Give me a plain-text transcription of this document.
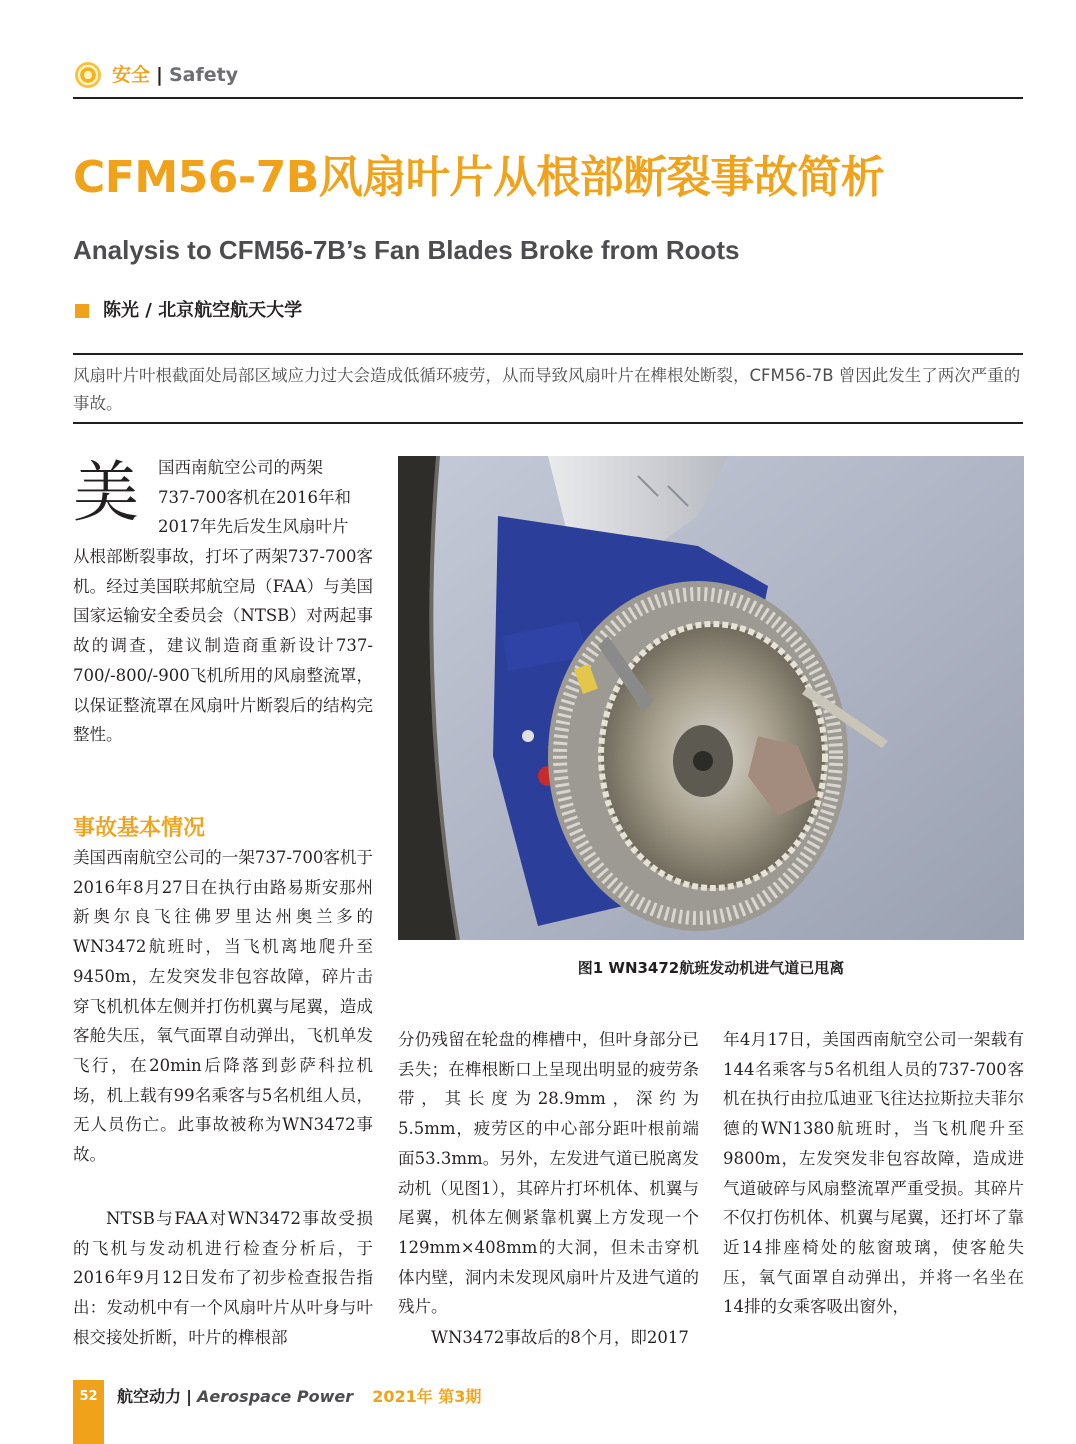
安全 | Safety
CFM56-7B风扇叶片从根部断裂事故简析
Analysis to CFM56-7B’s Fan Blades Broke from Roots
陈光 / 北京航空航天大学
风扇叶片叶根截面处局部区域应力过大会造成低循环疲劳，从而导致风扇叶片在榫根处断裂，CFM56-7B 曾因此发生了两次严重的事故。
美 国西南航空公司的两架
737-700客机在2016年和
2017年先后发生风扇叶片
从根部断裂事故，打坏了两架737-700客机。经过美国联邦航空局（FAA）与美国国家运输安全委员会（NTSB）对两起事故的调查，建议制造商重新设计737-700/-800/-900飞机所用的风扇整流罩，以保证整流罩在风扇叶片断裂后的结构完整性。
事故基本情况
美国西南航空公司的一架737-700客机于2016年8月27日在执行由路易斯安那州新奥尔良飞往佛罗里达州奥兰多的WN3472航班时，当飞机离地爬升至9450m，左发突发非包容故障，碎片击穿飞机机体左侧并打伤机翼与尾翼，造成客舱失压，氧气面罩自动弹出，飞机单发飞行，在20min后降落到彭萨科拉机场，机上载有99名乘客与5名机组人员，无人员伤亡。此事故被称为WN3472事故。
NTSB与FAA对WN3472事故受损的飞机与发动机进行检查分析后，于2016年9月12日发布了初步检查报告指出：发动机中有一个风扇叶片从叶身与叶根交接处折断，叶片的榫根部
图1 WN3472航班发动机进气道已甩离
分仍残留在轮盘的榫槽中，但叶身部分已丢失；在榫根断口上呈现出明显的疲劳条带，其长度为28.9mm，深约为5.5mm，疲劳区的中心部分距叶根前端面53.3mm。另外，左发进气道已脱离发动机（见图1），其碎片打坏机体、机翼与尾翼，机体左侧紧靠机翼上方发现一个129mm×408mm的大洞，但未击穿机体内壁，洞内未发现风扇叶片及进气道的残片。
WN3472事故后的8个月，即2017
年4月17日，美国西南航空公司一架载有144名乘客与5名机组人员的737-700客机在执行由拉瓜迪亚飞往达拉斯拉夫菲尔德的WN1380航班时，当飞机爬升至9800m，左发突发非包容故障，造成进气道破碎与风扇整流罩严重受损。其碎片不仅打伤机体、机翼与尾翼，还打坏了靠近14排座椅处的舷窗玻璃，使客舱失压，氧气面罩自动弹出，并将一名坐在14排的女乘客吸出窗外，
52	航空动力 | Aerospace Power 2021年 第3期
